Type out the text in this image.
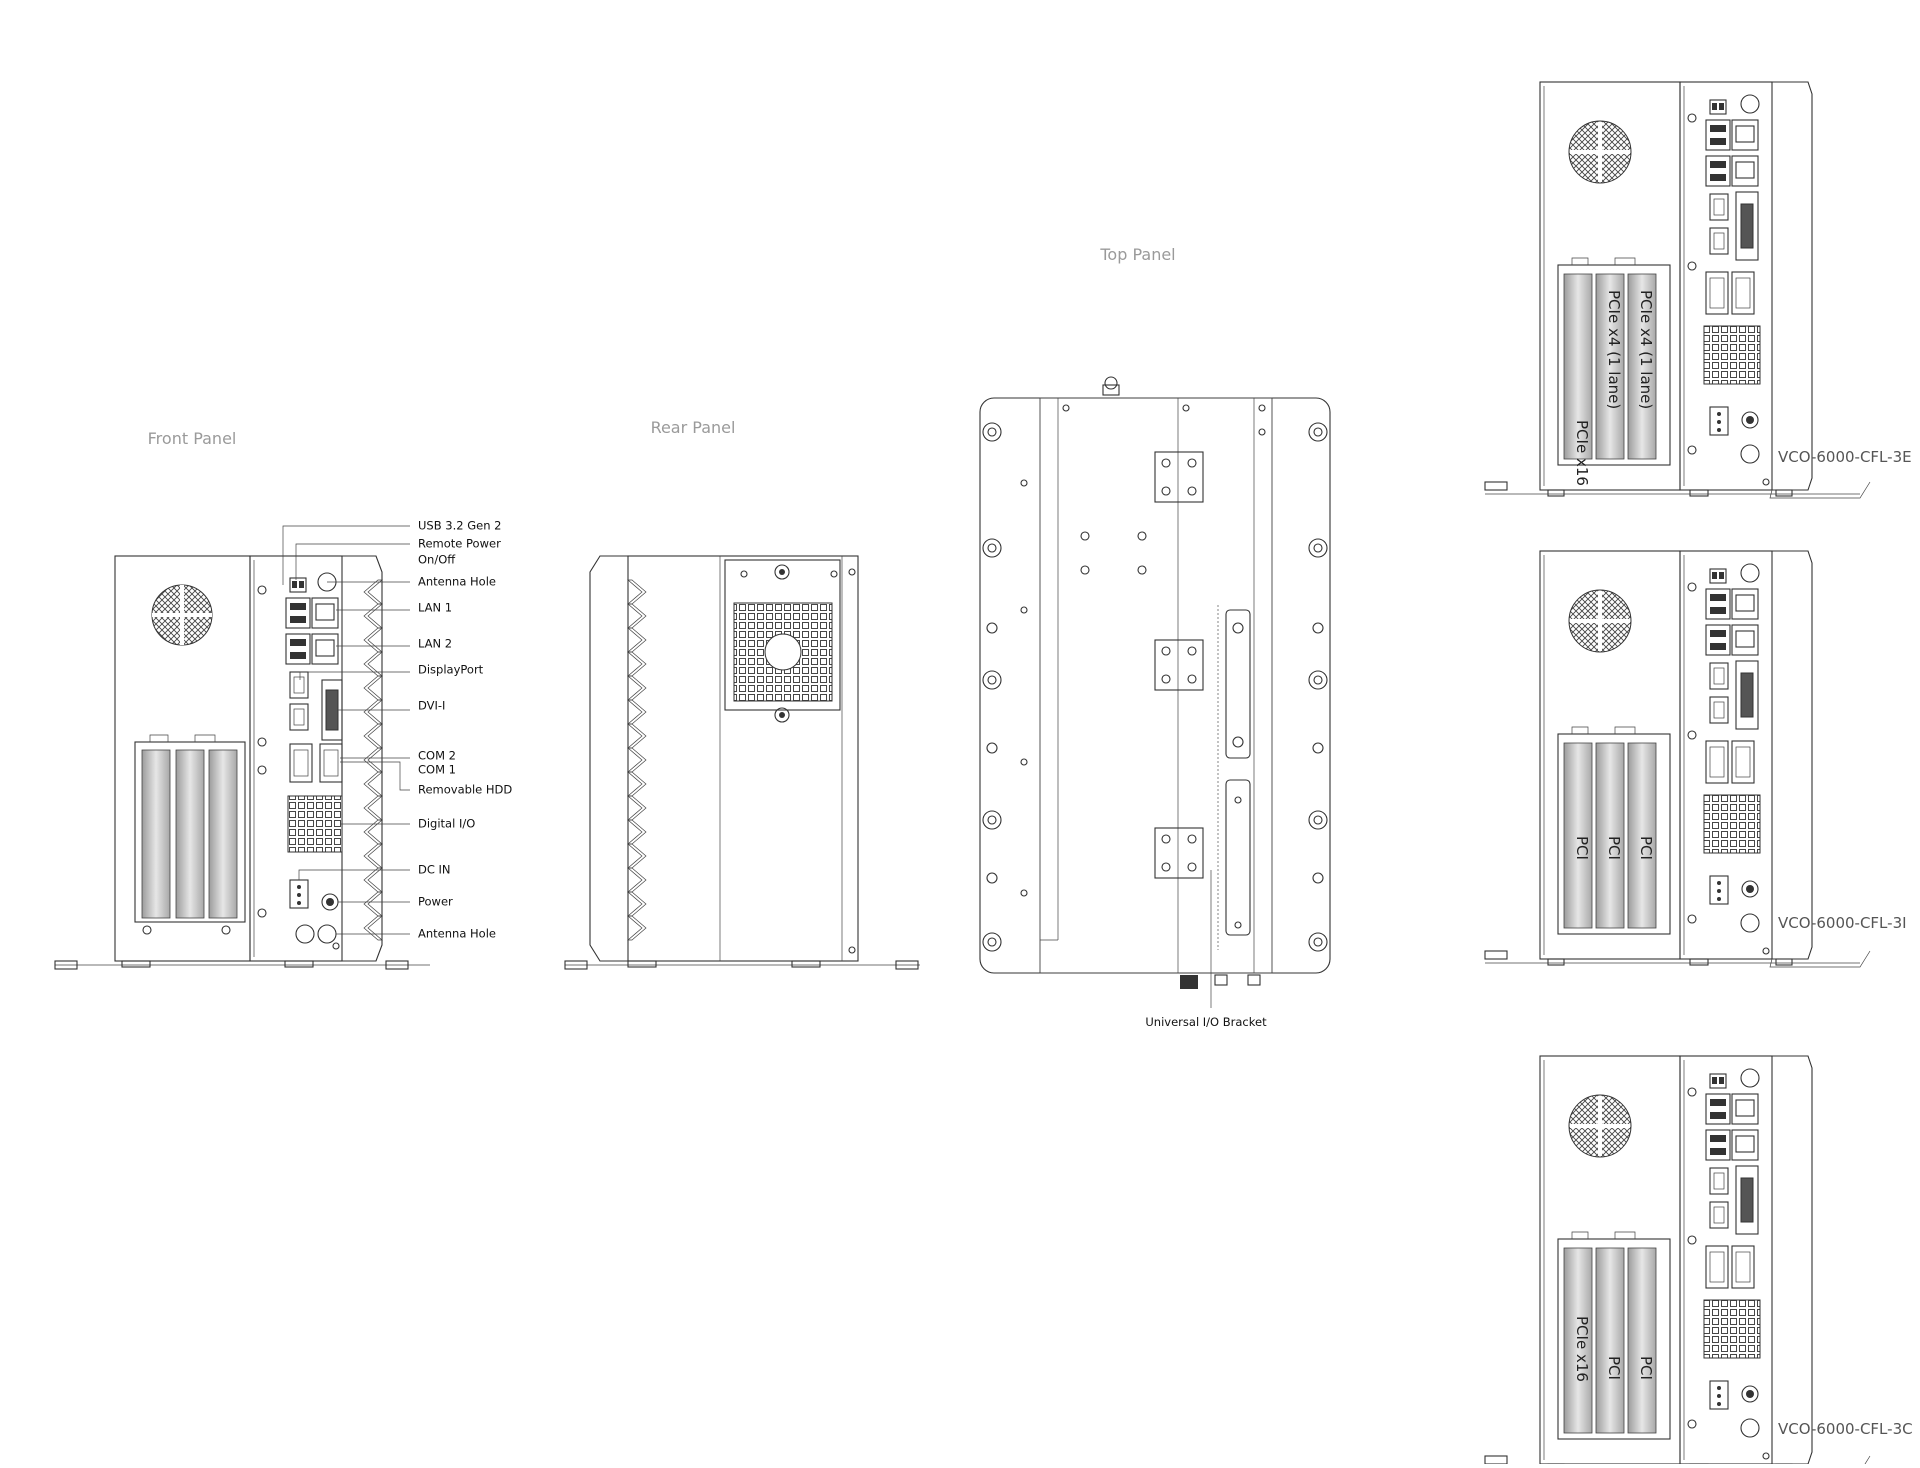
Front Panel
Rear Panel
Top Panel
USB 3.2 Gen 2
Remote Power
On/Off
Antenna Hole
LAN 1
LAN 2
DisplayPort
DVI-I
COM 2
COM 1
Removable HDD
Digital I/O
DC IN
Power
Antenna Hole
Universal I/O Bracket
PCIe x16
PCIe x4 (1 lane) PCIe x4 (1 lane)
VCO-6000-CFL-3E
PCI PCI PCI
VCO-6000-CFL-3I
PCIe x16 PCI PCI
VCO-6000-CFL-3C
